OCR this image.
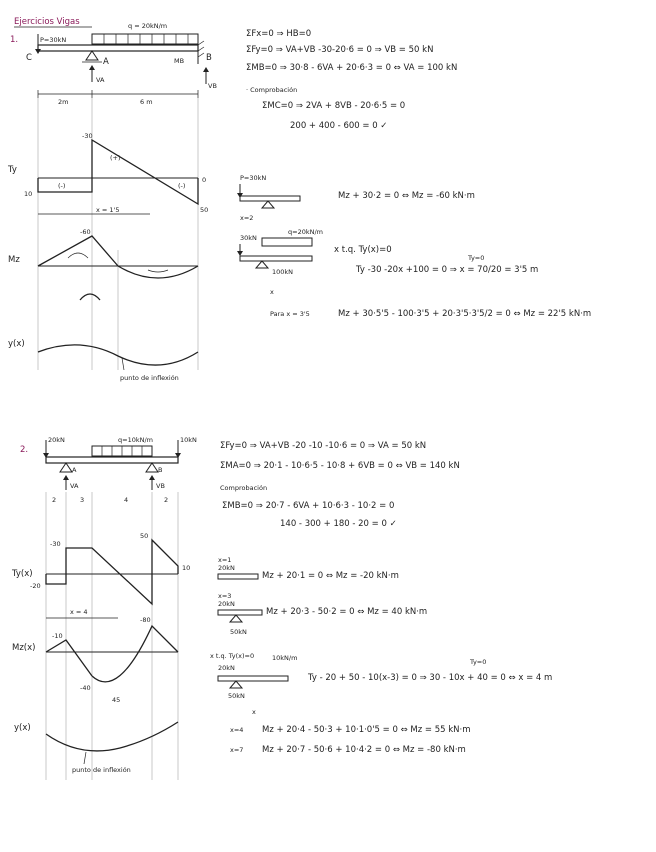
Ejercicios Vigas
1.	P=30kN
q = 20kN/m
C	A	B
MB
VA
VB
2m	6 m
Ty
-30
10
50
0
(+)
(-)	(-)
x = 1'5
Mz
-60
y(x)
punto de inflexión
ΣFx=0 ⇒ HB=0
ΣFy=0 ⇒ VA+VB -30-20·6 = 0 ⇒ VB = 50 kN
ΣMB=0 ⇒ 30·8 - 6VA + 20·6·3 = 0 ⇔ VA = 100 kN
· Comprobación
ΣMC=0 ⇒ 2VA + 8VB - 20·6·5 = 0
200 + 400 - 600 = 0 ✓
P=30kN
x=2
Mz + 30·2 = 0 ⇔ Mz = -60 kN·m
30kN
q=20kN/m
100kN
x
x t.q. Ty(x)=0
Ty=0
Ty -30 -20x +100 = 0 ⇒ x = 70/20 = 3'5 m
Para x = 3'5	Mz + 30·5'5 - 100·3'5 + 20·3'5·3'5/2 = 0 ⇔ Mz = 22'5 kN·m
2.
20kN	q=10kN/m	10kN
A	B
VA	VB
2	3	4	2
Ty(x)
-30
-20
50
10
x = 4
Mz(x)
-10
-40
45
-80
y(x)
punto de inflexión
ΣFy=0 ⇒ VA+VB -20 -10 -10·6 = 0 ⇒ VA = 50 kN
ΣMA=0 ⇒ 20·1 - 10·6·5 - 10·8 + 6VB = 0 ⇔ VB = 140 kN
Comprobación
ΣMB=0 ⇒ 20·7 - 6VA + 10·6·3 - 10·2 = 0
140 - 300 + 180 - 20 = 0 ✓
x=1
20kN
Mz + 20·1 = 0 ⇔ Mz = -20 kN·m
x=3
20kN
50kN
Mz + 20·3 - 50·2 = 0 ⇔ Mz = 40 kN·m
x t.q. Ty(x)=0
Ty=0
20kN
10kN/m
50kN
x
Ty - 20 + 50 - 10(x-3) = 0 ⇒ 30 - 10x + 40 = 0 ⇔ x = 4 m
x=4 Mz + 20·4 - 50·3 + 10·1·0'5 = 0 ⇔ Mz = 55 kN·m
x=7 Mz + 20·7 - 50·6 + 10·4·2 = 0 ⇔ Mz = -80 kN·m
